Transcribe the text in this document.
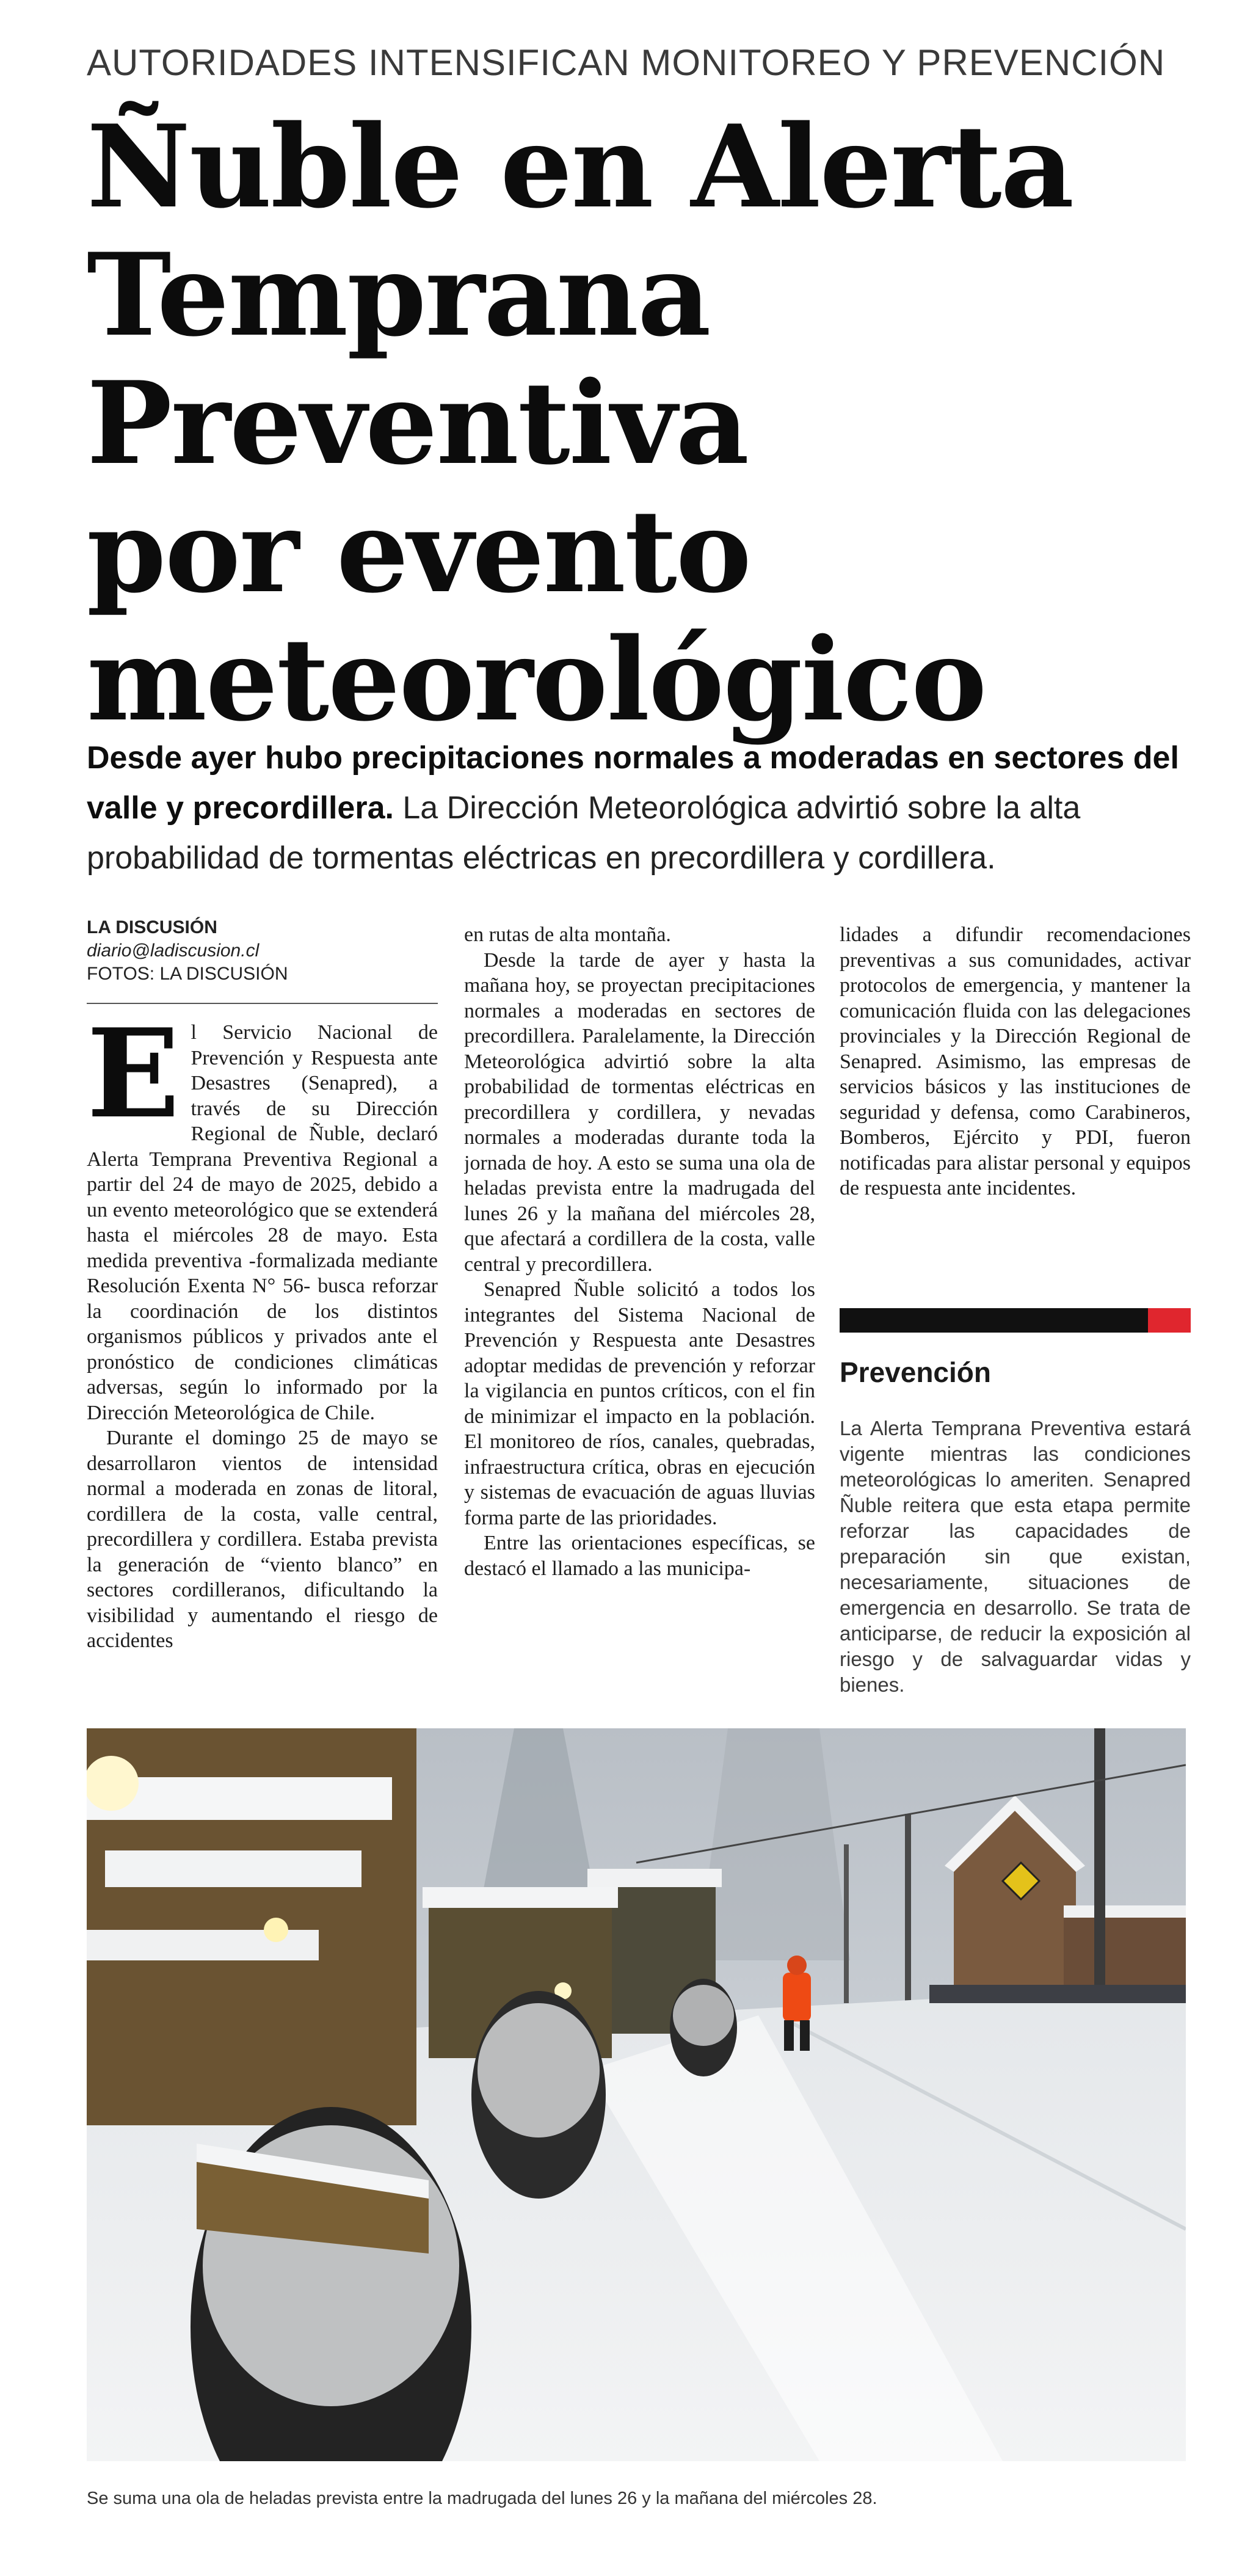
AUTORIDADES INTENSIFICAN MONITOREO Y PREVENCIÓN
Ñuble en Alerta
Temprana
Preventiva
por evento
meteorológico
Desde ayer hubo precipitaciones normales a moderadas en sectores del valle y precordillera. La Dirección Meteorológica advirtió sobre la alta probabilidad de tormentas eléctricas en precordillera y cordillera.
LA DISCUSIÓN
diario@ladiscusion.cl
FOTOS: LA DISCUSIÓN

El Servicio Nacional de Prevención y Respuesta ante Desastres (Senapred), a través de su Dirección Regional de Ñuble, declaró Alerta Temprana Preventiva Regional a partir del 24 de mayo de 2025, debido a un evento meteorológico que se extenderá hasta el miércoles 28 de mayo. Esta medida preventiva -formalizada mediante Resolución Exenta N° 56- busca reforzar la coordinación de los distintos organismos públicos y privados ante el pronóstico de condiciones climáticas adversas, según lo informado por la Dirección Meteorológica de Chile.

Durante el domingo 25 de mayo se desarrollaron vientos de intensidad normal a moderada en zonas de litoral, cordillera de la costa, valle central, precordillera y cordillera. Estaba prevista la generación de “viento blanco” en sectores cordilleranos, dificultando la visibilidad y aumentando el riesgo de accidentes

en rutas de alta montaña.

Desde la tarde de ayer y hasta la mañana hoy, se proyectan precipitaciones normales a moderadas en sectores de precordillera. Paralelamente, la Dirección Meteorológica advirtió sobre la alta probabilidad de tormentas eléctricas en precordillera y cordillera, y nevadas normales a moderadas durante toda la jornada de hoy. A esto se suma una ola de heladas prevista entre la madrugada del lunes 26 y la mañana del miércoles 28, que afectará a cordillera de la costa, valle central y precordillera.

Senapred Ñuble solicitó a todos los integrantes del Sistema Nacional de Prevención y Respuesta ante Desastres adoptar medidas de prevención y reforzar la vigilancia en puntos críticos, con el fin de minimizar el impacto en la población. El monitoreo de ríos, canales, quebradas, infraestructura crítica, obras en ejecución y sistemas de evacuación de aguas lluvias forma parte de las prioridades.

Entre las orientaciones específicas, se destacó el llamado a las municipa-

lidades a difundir recomendaciones preventivas a sus comunidades, activar protocolos de emergencia, y mantener la comunicación fluida con las delegaciones provinciales y la Dirección Regional de Senapred. Asimismo, las empresas de servicios básicos y las instituciones de seguridad y defensa, como Carabineros, Bomberos, Ejército y PDI, fueron notificadas para alistar personal y equipos de respuesta ante incidentes.

Prevención
La Alerta Temprana Preventiva estará vigente mientras las condiciones meteorológicas lo ameriten. Senapred Ñuble reitera que esta etapa permite reforzar las capacidades de preparación sin que existan, necesariamente, situaciones de emergencia en desarrollo. Se trata de anticiparse, de reducir la exposición al riesgo y de salvaguardar vidas y bienes.
Se suma una ola de heladas prevista entre la madrugada del lunes 26 y la mañana del miércoles 28.
